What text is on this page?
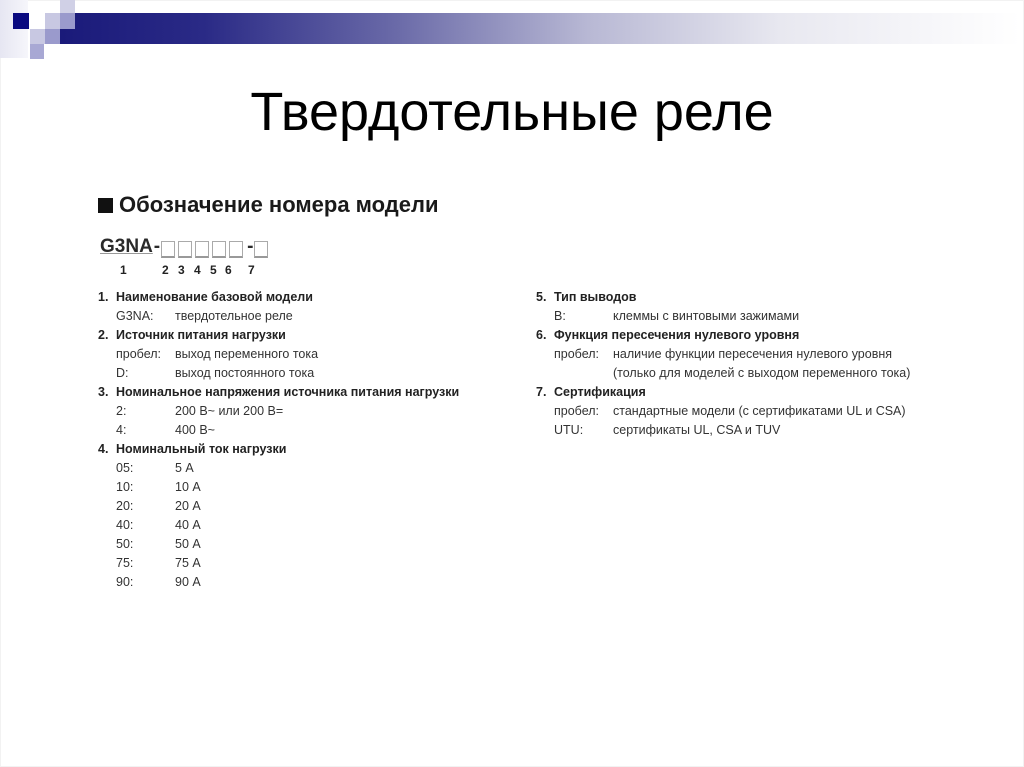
Твердотельные реле
Обозначение номера модели
G3NA -	-
1	2 3 4 5 6 7
1. Наименование базовой модели
G3NA:	твердотельное реле
2. Источник питания нагрузки
пробел:	выход переменного тока
D:	выход постоянного тока
3. Номинальное напряжения источника питания нагрузки
2:	200 В~ или 200 В=
4:	400 В~
4. Номинальный ток нагрузки
05:	5 А
10:	10 А
20:	20 А
40:	40 А
50:	50 А
75:	75 А
90:	90 А
5. Тип выводов
B:	клеммы с винтовыми зажимами
6. Функция пересечения нулевого уровня
пробел:	наличие функции пересечения нулевого уровня
(только для моделей с выходом переменного тока)
7. Сертификация
пробел:	стандартные модели (с сертификатами UL и CSA)
UTU:	сертификаты UL, CSA и TUV
